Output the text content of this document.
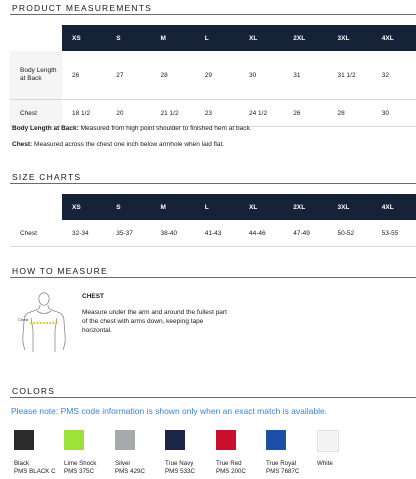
PRODUCT MEASUREMENTS
	XS	S	M	L	XL	2XL	3XL	4XL
Body Length at Back	26	27	28	29	30	31	31 1/2	32
Chest	18 1/2	20	21 1/2	23	24 1/2	26	28	30
Body Length at Back: Measured from high point shoulder to finished hem at back.
Chest: Measured across the chest one inch below armhole when laid flat.
SIZE CHARTS
	XS	S	M	L	XL	2XL	3XL	4XL
Chest	32-34	35-37	38-40	41-43	44-46	47-49	50-52	53-55
HOW TO MEASURE
Chest
CHEST
Measure under the arm and around the fullest part of the chest with arms down, keeping tape horizontal.
COLORS
Please note: PMS code information is shown only when an exact match is available.
Black
PMS BLACK C
Lime Shock
PMS 375C
Silver
PMS 429C
True Navy
PMS 533C
True Red
PMS 200C
True Royal
PMS 7687C
White
